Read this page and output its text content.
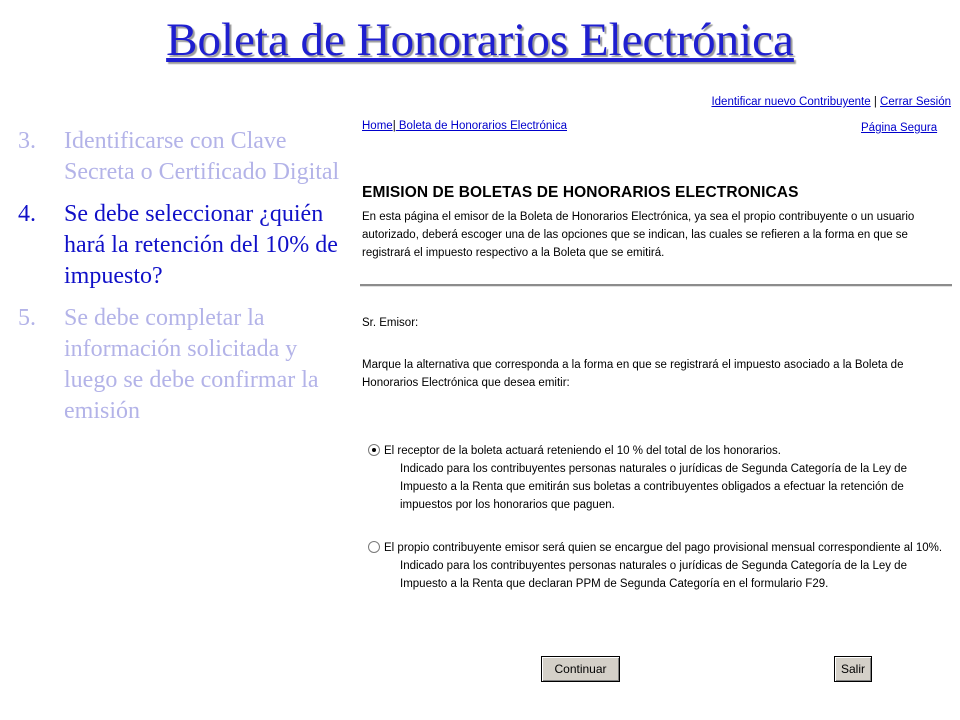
Boleta de Honorarios Electrónica
3. Identificarse con Clave Secreta o Certificado Digital
4. Se debe seleccionar ¿quién hará la retención del 10% de impuesto?
5. Se debe completar la información solicitada y luego se debe confirmar la emisión
Identificar nuevo Contribuyente | Cerrar Sesión
Home| Boleta de Honorarios Electrónica	Página Segura
EMISION DE BOLETAS DE HONORARIOS ELECTRONICAS
En esta página el emisor de la Boleta de Honorarios Electrónica, ya sea el propio contribuyente o un usuario autorizado, deberá escoger una de las opciones que se indican, las cuales se refieren a la forma en que se registrará el impuesto respectivo a la Boleta que se emitirá.
Sr. Emisor:
Marque la alternativa que corresponda a la forma en que se registrará el impuesto asociado a la Boleta de Honorarios Electrónica que desea emitir:
El receptor de la boleta actuará reteniendo el 10 % del total de los honorarios.
Indicado para los contribuyentes personas naturales o jurídicas de Segunda Categoría de la Ley de Impuesto a la Renta que emitirán sus boletas a contribuyentes obligados a efectuar la retención de impuestos por los honorarios que paguen.
El propio contribuyente emisor será quien se encargue del pago provisional mensual correspondiente al 10%.
Indicado para los contribuyentes personas naturales o jurídicas de Segunda Categoría de la Ley de Impuesto a la Renta que declaran PPM de Segunda Categoría en el formulario F29.
Continuar	Salir
